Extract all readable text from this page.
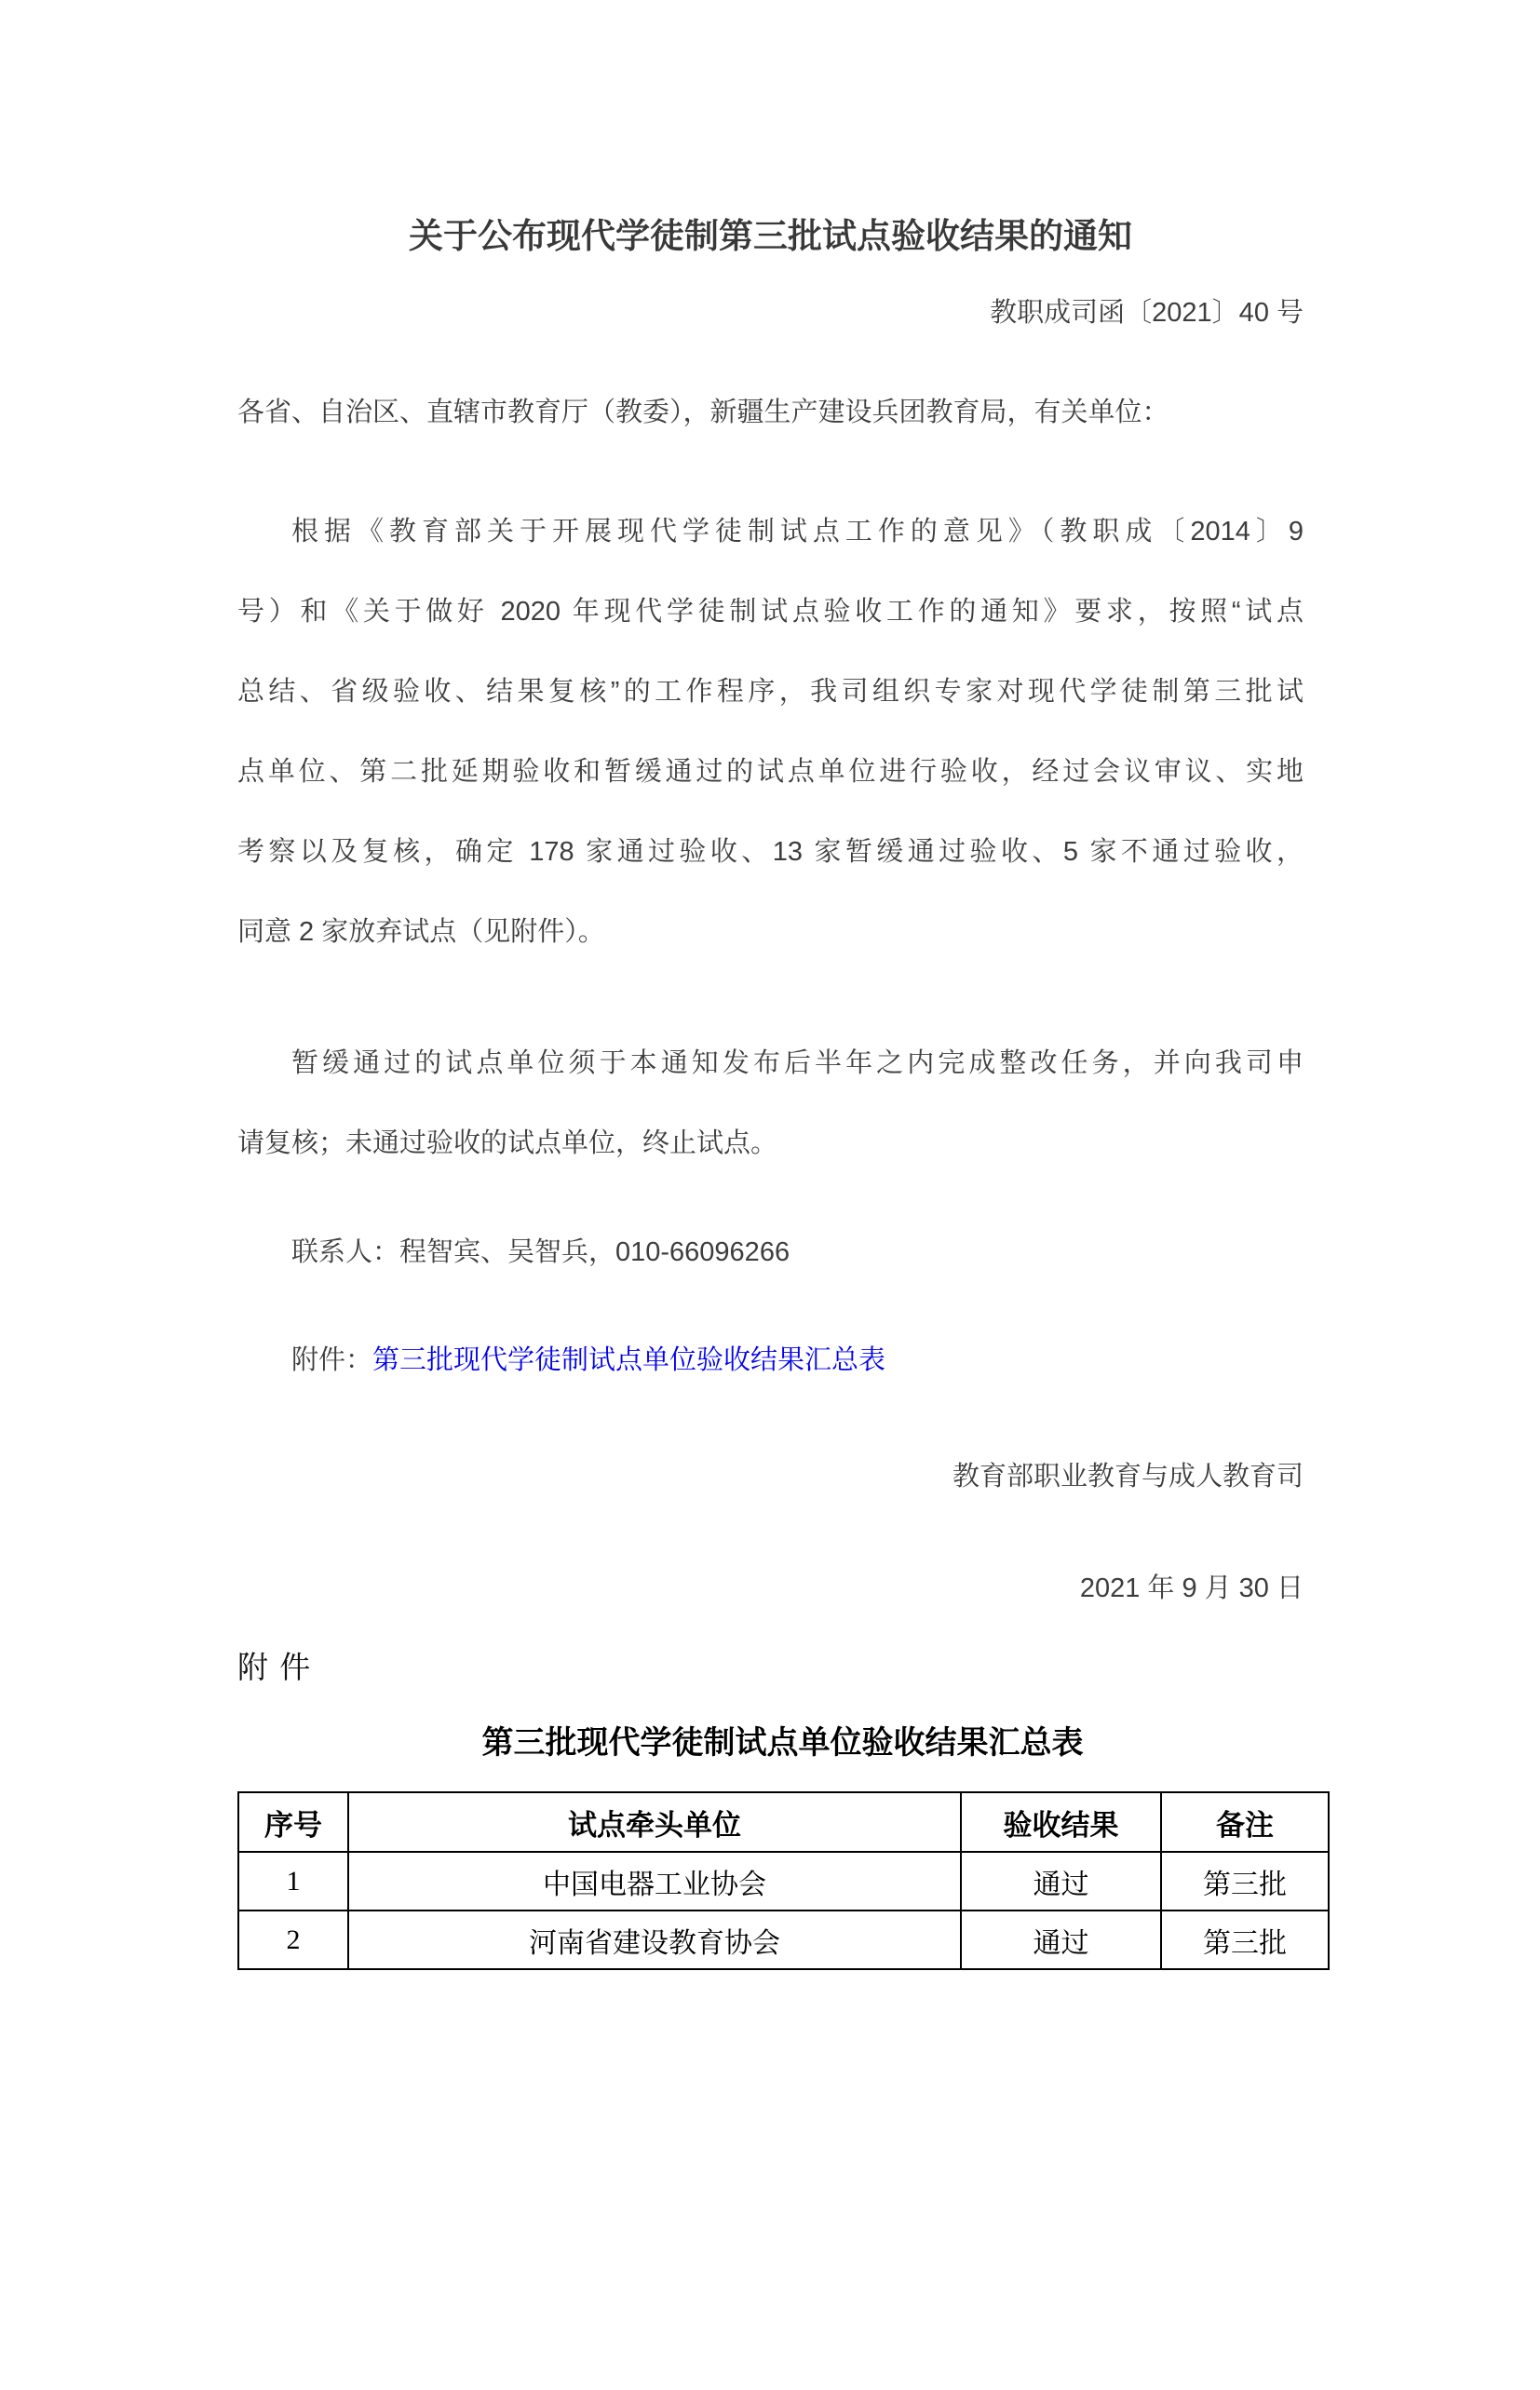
关于公布现代学徒制第三批试点验收结果的通知
教职成司函〔2021〕40 号
各省、自治区、直辖市教育厅（教委），新疆生产建设兵团教育局，有关单位：
根据《教育部关于开展现代学徒制试点工作的意见》（教职成〔2014〕9
号）和《关于做好 2020 年现代学徒制试点验收工作的通知》要求，按照“试点
总结、省级验收、结果复核”的工作程序，我司组织专家对现代学徒制第三批试
点单位、第二批延期验收和暂缓通过的试点单位进行验收，经过会议审议、实地
考察以及复核，确定 178 家通过验收、13 家暂缓通过验收、5 家不通过验收，
同意 2 家放弃试点（见附件）。
暂缓通过的试点单位须于本通知发布后半年之内完成整改任务，并向我司申
请复核；未通过验收的试点单位，终止试点。
联系人：程智宾、吴智兵，010-66096266
附件：第三批现代学徒制试点单位验收结果汇总表
教育部职业教育与成人教育司
2021 年 9 月 30 日
附 件
第三批现代学徒制试点单位验收结果汇总表
序号	试点牵头单位	验收结果	备注
1	中国电器工业协会	通过	第三批
2	河南省建设教育协会	通过	第三批
